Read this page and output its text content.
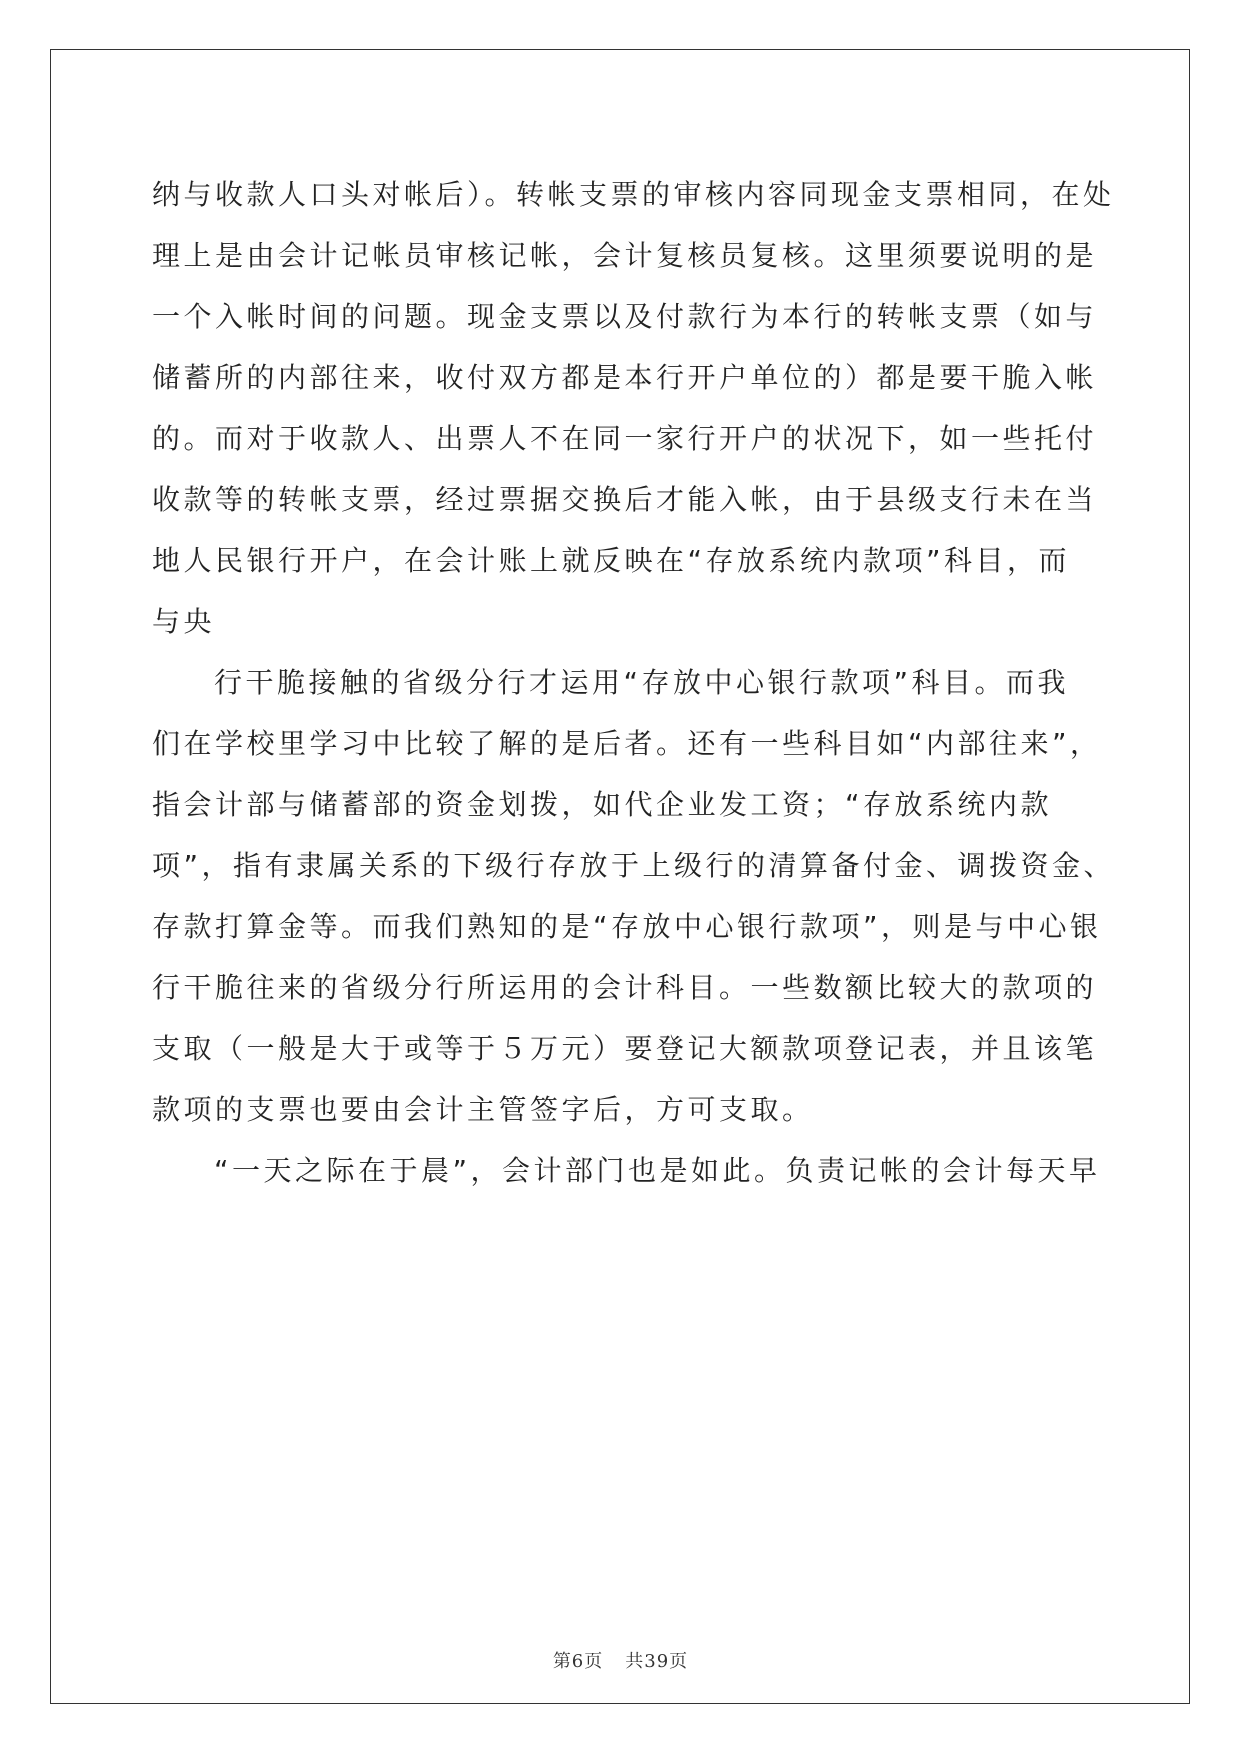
纳与收款人口头对帐后）。转帐支票的审核内容同现金支票相同，在处
理上是由会计记帐员审核记帐，会计复核员复核。这里须要说明的是
一个入帐时间的问题。现金支票以及付款行为本行的转帐支票（如与
储蓄所的内部往来，收付双方都是本行开户单位的）都是要干脆入帐
的。而对于收款人、出票人不在同一家行开户的状况下，如一些托付
收款等的转帐支票，经过票据交换后才能入帐，由于县级支行未在当
地人民银行开户，在会计账上就反映在“存放系统内款项”科目，而
与央
行干脆接触的省级分行才运用“存放中心银行款项”科目。而我
们在学校里学习中比较了解的是后者。还有一些科目如“内部往来”，
指会计部与储蓄部的资金划拨，如代企业发工资；“存放系统内款
项”，指有隶属关系的下级行存放于上级行的清算备付金、调拨资金、
存款打算金等。而我们熟知的是“存放中心银行款项”，则是与中心银
行干脆往来的省级分行所运用的会计科目。一些数额比较大的款项的
支取（一般是大于或等于５万元）要登记大额款项登记表，并且该笔
款项的支票也要由会计主管签字后，方可支取。
“一天之际在于晨”，会计部门也是如此。负责记帐的会计每天早
第6页 共39页
